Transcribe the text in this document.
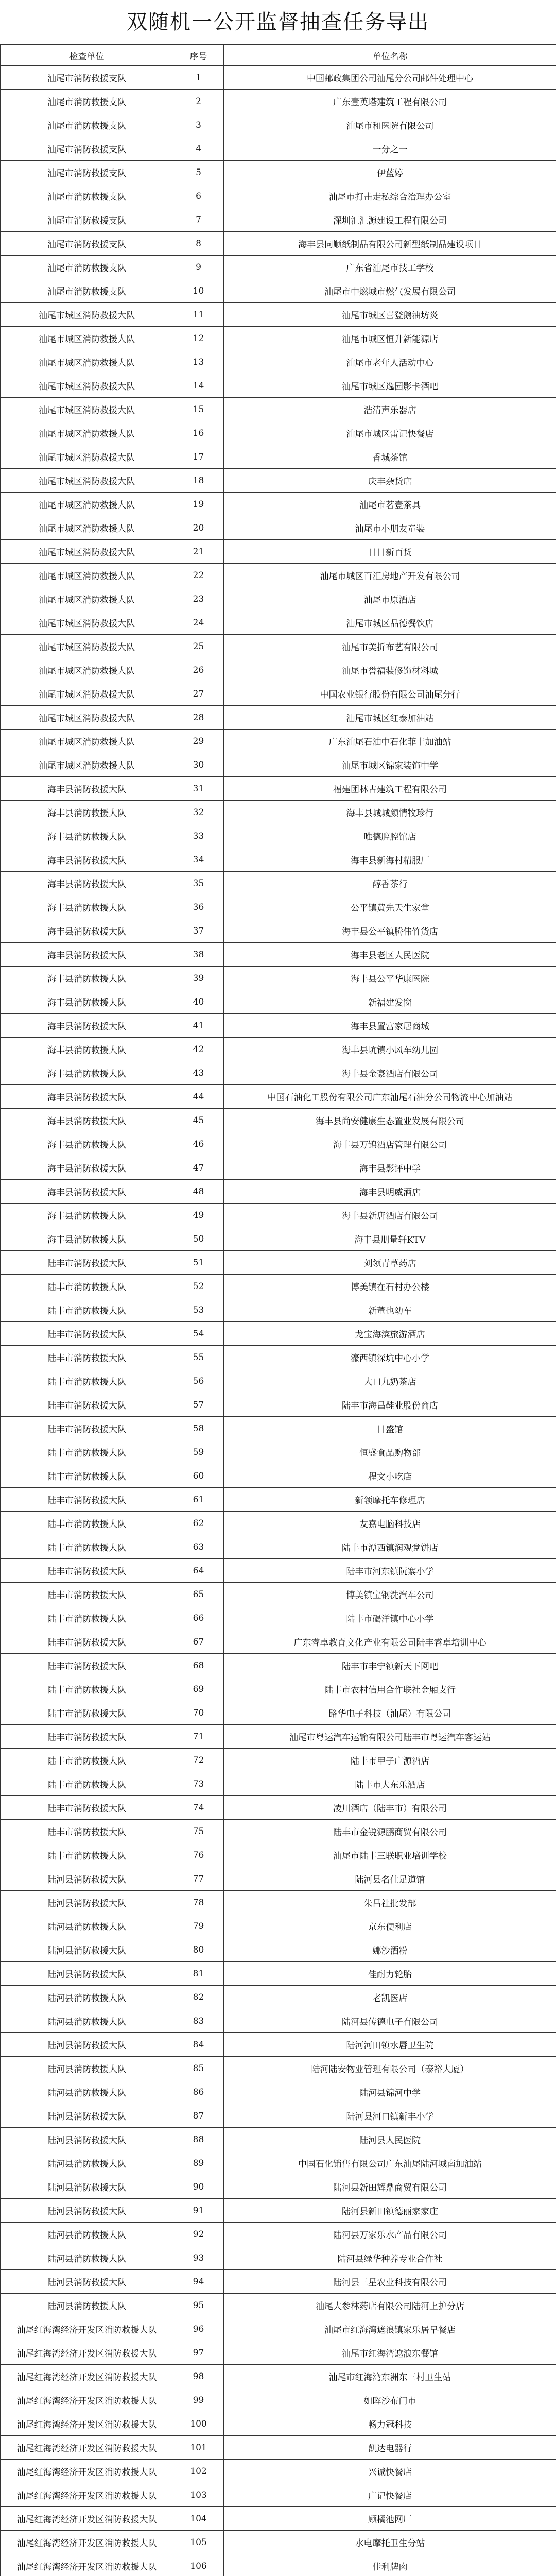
双随机一公开监督抽查任务导出
检查单位	序号	单位名称
汕尾市消防救援支队	1	中国邮政集团公司汕尾分公司邮件处理中心
汕尾市消防救援支队	2	广东壹英塔建筑工程有限公司
汕尾市消防救援支队	3	汕尾市和医院有限公司
汕尾市消防救援支队	4	一分之一
汕尾市消防救援支队	5	伊蓝婷
汕尾市消防救援支队	6	汕尾市打击走私综合治理办公室
汕尾市消防救援支队	7	深圳汇汇源建设工程有限公司
汕尾市消防救援支队	8	海丰县同顺纸制品有限公司新型纸制品建设项目
汕尾市消防救援支队	9	广东省汕尾市技工学校
汕尾市消防救援支队	10	汕尾市中燃城市燃气发展有限公司
汕尾市城区消防救援大队	11	汕尾市城区喜登鹅油坊炎
汕尾市城区消防救援大队	12	汕尾市城区恒升新能源店
汕尾市城区消防救援大队	13	汕尾市老年人活动中心
汕尾市城区消防救援大队	14	汕尾市城区逸园影卡酒吧
汕尾市城区消防救援大队	15	浩清声乐器店
汕尾市城区消防救援大队	16	汕尾市城区雷记快餐店
汕尾市城区消防救援大队	17	香城茶馆
汕尾市城区消防救援大队	18	庆丰杂货店
汕尾市城区消防救援大队	19	汕尾市茗壹茶具
汕尾市城区消防救援大队	20	汕尾市小朋友童装
汕尾市城区消防救援大队	21	日日新百货
汕尾市城区消防救援大队	22	汕尾市城区百汇房地产开发有限公司
汕尾市城区消防救援大队	23	汕尾市原酒店
汕尾市城区消防救援大队	24	汕尾市城区品德餐饮店
汕尾市城区消防救援大队	25	汕尾市美折布艺有限公司
汕尾市城区消防救援大队	26	汕尾市誉福装修饰材料城
汕尾市城区消防救援大队	27	中国农业银行股份有限公司汕尾分行
汕尾市城区消防救援大队	28	汕尾市城区红泰加油站
汕尾市城区消防救援大队	29	广东汕尾石油中石化菲丰加油站
汕尾市城区消防救援大队	30	汕尾市城区锦家装饰中学
海丰县消防救援大队	31	福建团林古建筑工程有限公司
海丰县消防救援大队	32	海丰县城城颜情牧珍行
海丰县消防救援大队	33	唯德腔腔馆店
海丰县消防救援大队	34	海丰县新海村精服厂
海丰县消防救援大队	35	醇香茶行
海丰县消防救援大队	36	公平镇黄先天生家堂
海丰县消防救援大队	37	海丰县公平镇腾伟竹货店
海丰县消防救援大队	38	海丰县老区人民医院
海丰县消防救援大队	39	海丰县公平华康医院
海丰县消防救援大队	40	新福建发窗
海丰县消防救援大队	41	海丰县置富家居商城
海丰县消防救援大队	42	海丰县坑镇小风车幼儿园
海丰县消防救援大队	43	海丰县金豪酒店有限公司
海丰县消防救援大队	44	中国石油化工股份有限公司广东汕尾石油分公司物流中心加油站
海丰县消防救援大队	45	海丰县尚安健康生态置业发展有限公司
海丰县消防救援大队	46	海丰县万锦酒店管理有限公司
海丰县消防救援大队	47	海丰县影评中学
海丰县消防救援大队	48	海丰县明威酒店
海丰县消防救援大队	49	海丰县新唐酒店有限公司
海丰县消防救援大队	50	海丰县朋量轩KTV
陆丰市消防救援大队	51	刘领青草药店
陆丰市消防救援大队	52	博美镇在石村办公楼
陆丰市消防救援大队	53	新董也幼车
陆丰市消防救援大队	54	龙宝海滨旅游酒店
陆丰市消防救援大队	55	濠西镇深坑中心小学
陆丰市消防救援大队	56	大口九奶茶店
陆丰市消防救援大队	57	陆丰市海昌鞋业股份商店
陆丰市消防救援大队	58	日盛馆
陆丰市消防救援大队	59	恒盛食品购物部
陆丰市消防救援大队	60	程文小吃店
陆丰市消防救援大队	61	新领摩托车修理店
陆丰市消防救援大队	62	友嘉电脑科技店
陆丰市消防救援大队	63	陆丰市潭西镇润观党饼店
陆丰市消防救援大队	64	陆丰市河东镇阮寨小学
陆丰市消防救援大队	65	博美镇宝钢洗汽车公司
陆丰市消防救援大队	66	陆丰市碣洋镇中心小学
陆丰市消防救援大队	67	广东睿卓教育文化产业有限公司陆丰睿卓培训中心
陆丰市消防救援大队	68	陆丰市丰宁镇新天下网吧
陆丰市消防救援大队	69	陆丰市农村信用合作联社金厢支行
陆丰市消防救援大队	70	路华电子科技（汕尾）有限公司
陆丰市消防救援大队	71	汕尾市粤运汽车运输有限公司陆丰市粤运汽车客运站
陆丰市消防救援大队	72	陆丰市甲子广源酒店
陆丰市消防救援大队	73	陆丰市大东乐酒店
陆丰市消防救援大队	74	凌川酒店（陆丰市）有限公司
陆丰市消防救援大队	75	陆丰市金锐源鹏商贸有限公司
陆丰市消防救援大队	76	汕尾市陆丰三联职业培训学校
陆河县消防救援大队	77	陆河县名仕足道馆
陆河县消防救援大队	78	朱昌社批发部
陆河县消防救援大队	79	京东便利店
陆河县消防救援大队	80	娜沙酒粉
陆河县消防救援大队	81	佳耐力轮胎
陆河县消防救援大队	82	老凯医店
陆河县消防救援大队	83	陆河县传德电子有限公司
陆河县消防救援大队	84	陆河河田镇水唇卫生院
陆河县消防救援大队	85	陆河陆安物业管理有限公司（泰裕大厦）
陆河县消防救援大队	86	陆河县锦河中学
陆河县消防救援大队	87	陆河县河口镇新丰小学
陆河县消防救援大队	88	陆河县人民医院
陆河县消防救援大队	89	中国石化销售有限公司广东汕尾陆河城南加油站
陆河县消防救援大队	90	陆河县新田辉鼎商贸有限公司
陆河县消防救援大队	91	陆河县新田镇德丽家家庄
陆河县消防救援大队	92	陆河县万家乐水产品有限公司
陆河县消防救援大队	93	陆河县绿华种养专业合作社
陆河县消防救援大队	94	陆河县三星农业科技有限公司
陆河县消防救援大队	95	汕尾大参林药店有限公司陆河上护分店
汕尾红海湾经济开发区消防救援大队	96	汕尾市红海湾遮浪镇家乐居早餐店
汕尾红海湾经济开发区消防救援大队	97	汕尾市红海湾遮浪东餐馆
汕尾红海湾经济开发区消防救援大队	98	汕尾市红海湾东洲东三村卫生站
汕尾红海湾经济开发区消防救援大队	99	如晖沙布门市
汕尾红海湾经济开发区消防救援大队	100	畅力冠科技
汕尾红海湾经济开发区消防救援大队	101	凯达电器行
汕尾红海湾经济开发区消防救援大队	102	兴诚快餐店
汕尾红海湾经济开发区消防救援大队	103	广记快餐店
汕尾红海湾经济开发区消防救援大队	104	顾橘池网厂
汕尾红海湾经济开发区消防救援大队	105	水电摩托卫生分站
汕尾红海湾经济开发区消防救援大队	106	佳利牌肉
